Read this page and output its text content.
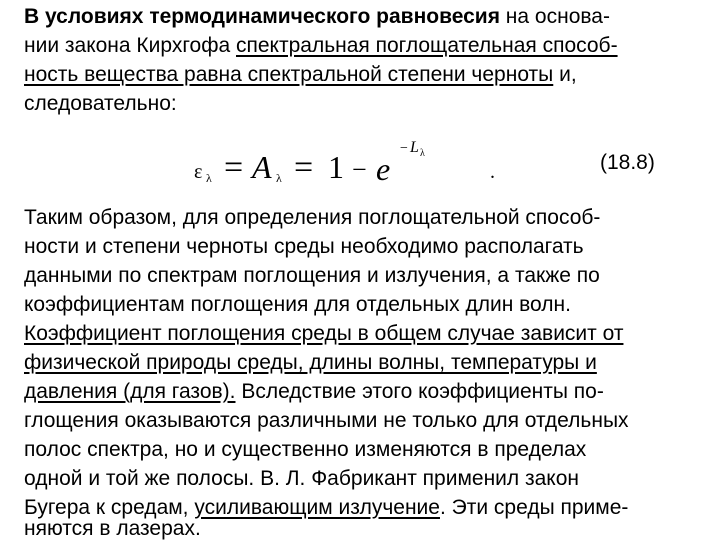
В условиях термодинамического равновесия на основа-
нии закона Кирхгофа спектральная поглощательная способ-
ность вещества равна спектральной степени черноты и,
следовательно:
ε λ = A λ = 1 − e
− L λ
.	(18.8)
Таким образом, для определения поглощательной способ-
ности и степени черноты среды необходимо располагать
данными по спектрам поглощения и излучения, а также по
коэффициентам поглощения для отдельных длин волн.
Коэффициент поглощения среды в общем случае зависит от
физической природы среды, длины волны, температуры и
давления (для газов). Вследствие этого коэффициенты по-
глощения оказываются различными не только для отдельных
полос спектра, но и существенно изменяются в пределах
одной и той же полосы. В. Л. Фабрикант применил закон
Бугера к средам, усиливающим излучение. Эти среды приме-
няются в лазерах.
